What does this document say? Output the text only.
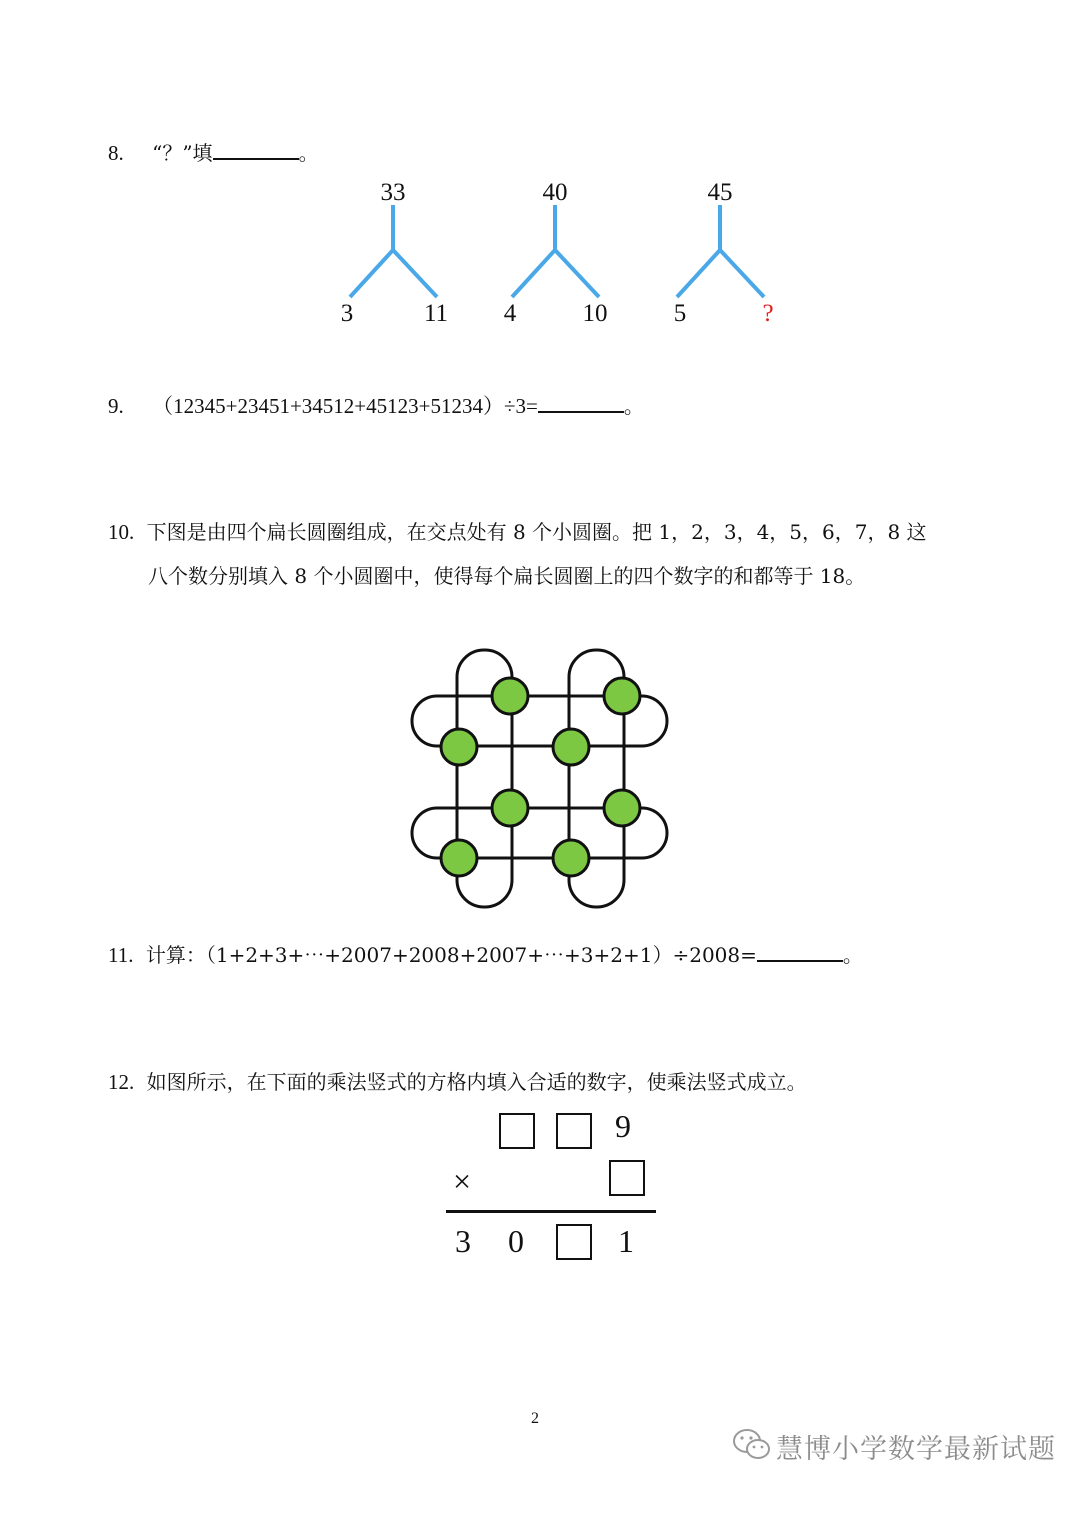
8. “？”填	。
33
3	11
40
4	10
45
5	?
9. （12345+23451+34512+45123+51234）÷3=	。
10. 下图是由四个扁长圆圈组成，在交点处有 8 个小圆圈。把 1，2，3，4，5，6，7，8 这
八个数分别填入 8 个小圆圈中，使得每个扁长圆圈上的四个数字的和都等于 18。
11. 计算：（1+2+3+⋯+2007+2008+2007+⋯+3+2+1）÷2008=	。
12. 如图所示，在下面的乘法竖式的方格内填入合适的数字，使乘法竖式成立。
9
×
3 0	1
2
慧博小学数学最新试题
